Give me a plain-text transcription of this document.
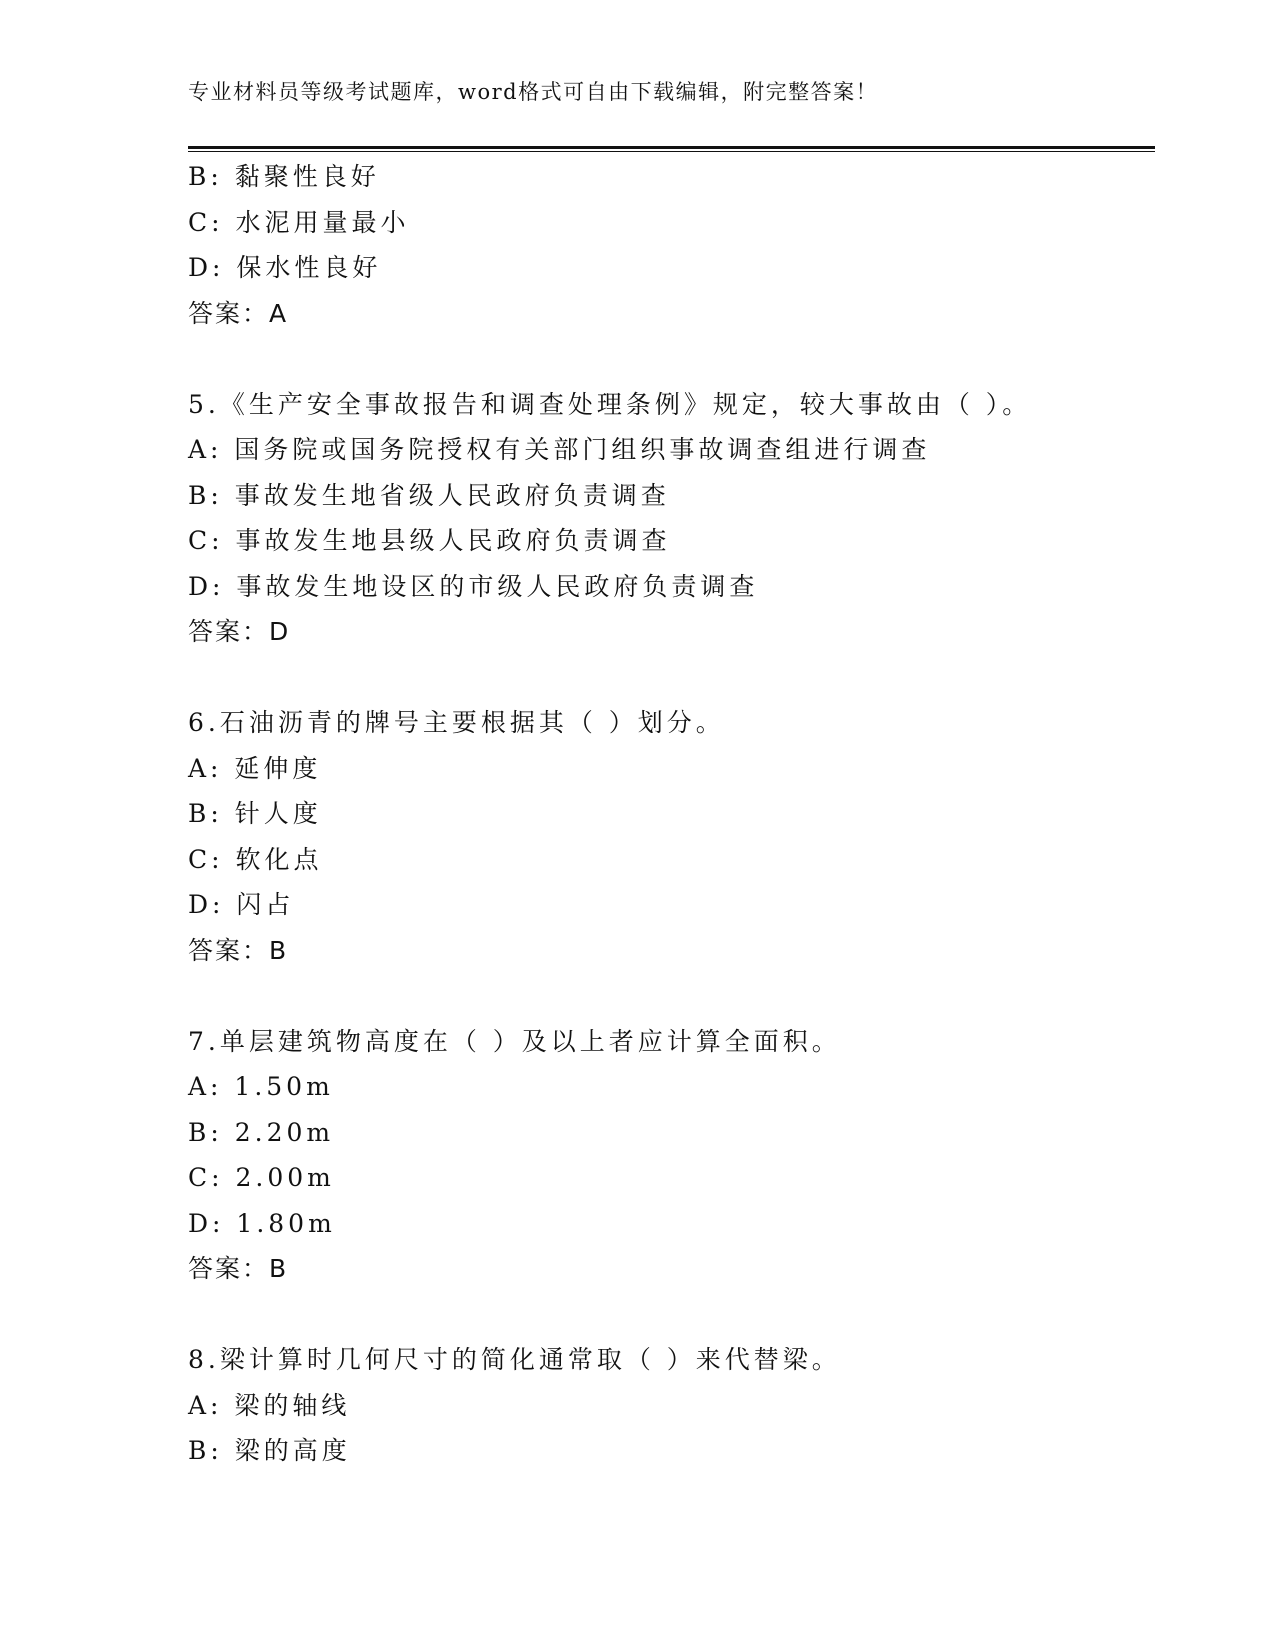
专业材料员等级考试题库，word格式可自由下载编辑，附完整答案！
B: 黏聚性良好
C: 水泥用量最小
D: 保水性良好
答案：A
5.《生产安全事故报告和调查处理条例》规定，较大事故由（ ）。
A: 国务院或国务院授权有关部门组织事故调查组进行调查
B: 事故发生地省级人民政府负责调查
C: 事故发生地县级人民政府负责调查
D: 事故发生地设区的市级人民政府负责调查
答案：D
6.石油沥青的牌号主要根据其（ ）划分。
A: 延伸度
B: 针人度
C: 软化点
D: 闪占
答案：B
7.单层建筑物高度在（ ）及以上者应计算全面积。
A: 1.50m
B: 2.20m
C: 2.00m
D: 1.80m
答案：B
8.梁计算时几何尺寸的简化通常取（ ）来代替梁。
A: 梁的轴线
B: 梁的高度
